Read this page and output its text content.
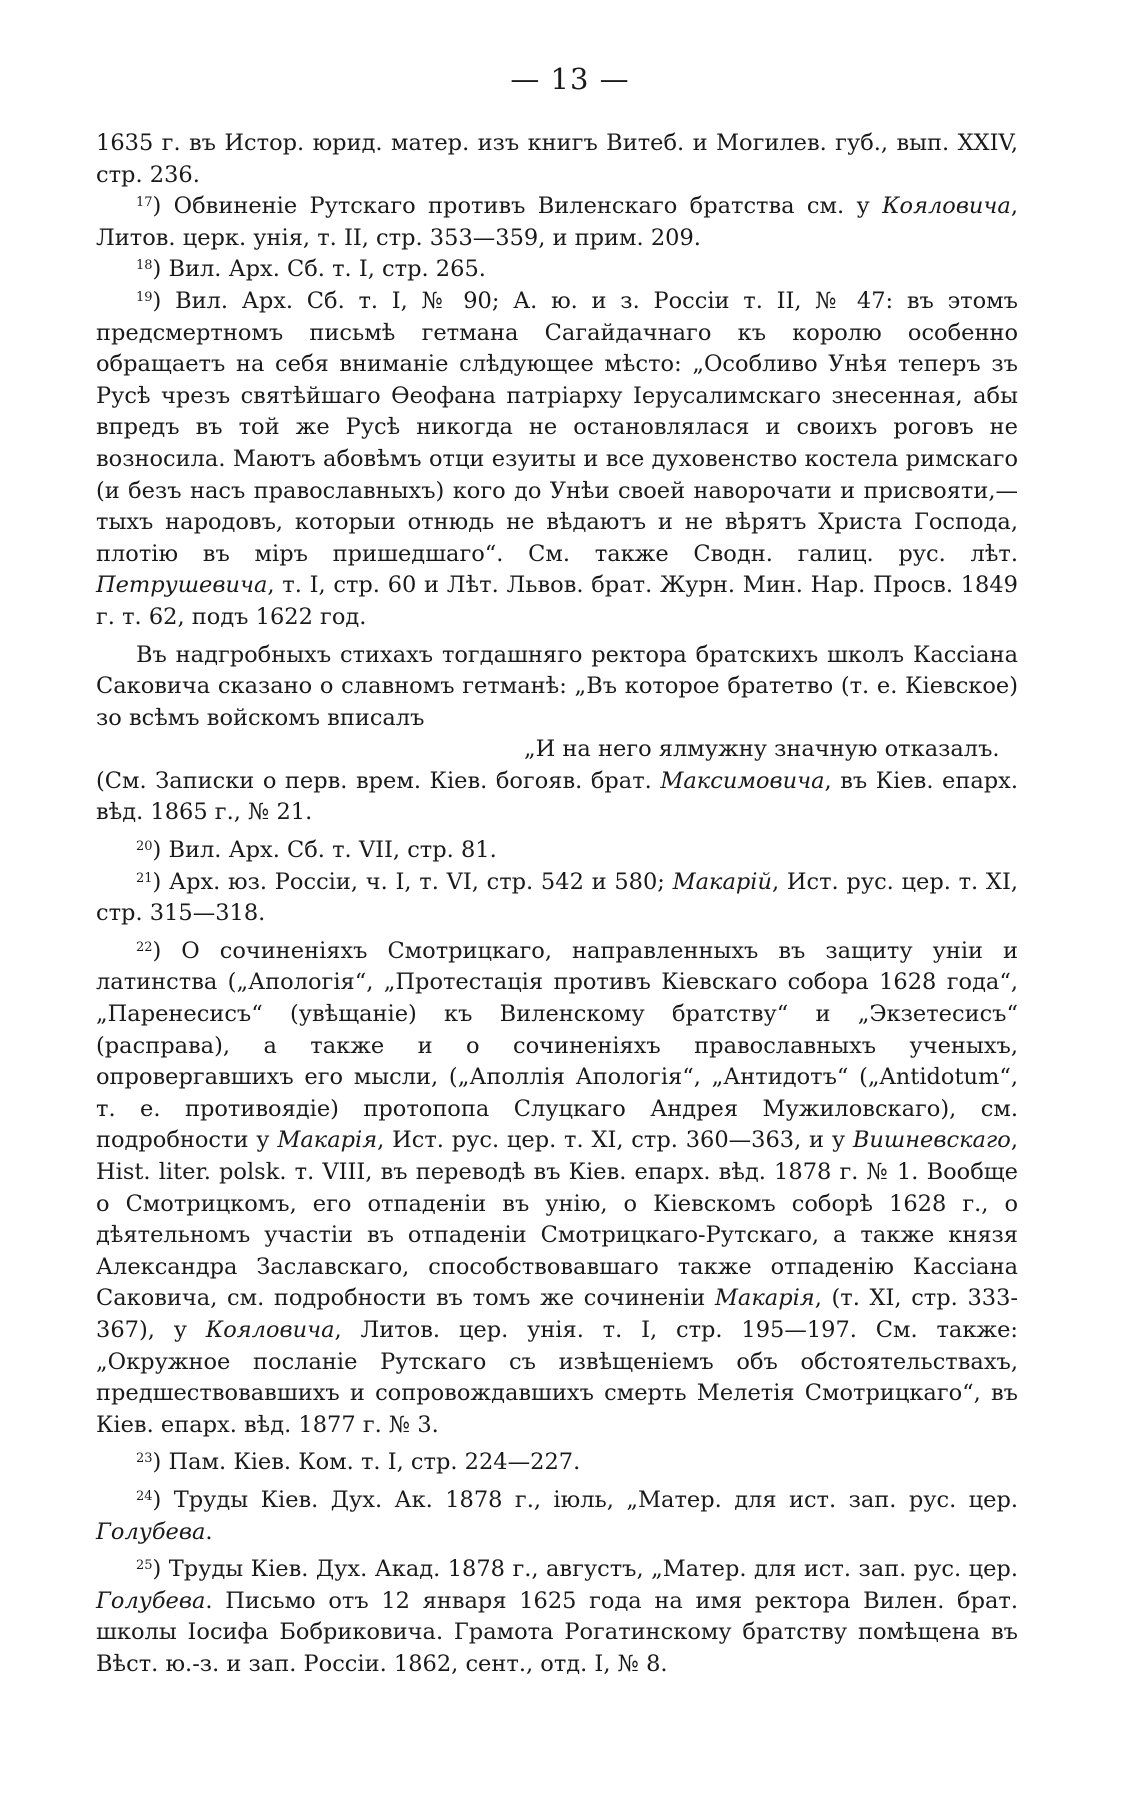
— 13 —

1635 г. въ Истор. юрид. матер. изъ книгъ Витеб. и Могилев. губ., вып. XXIV, стр. 236.

$^{17}$) Обвиненіе Рутскаго противъ Виленскаго братства см. у Кояловича, Литов. церк. унія, т. II, стр. 353—359, и прим. 209.

$^{18}$) Вил. Арх. Сб. т. I, стр. 265.

$^{19}$) Вил. Арх. Сб. т. I, № 90; А. ю. и з. Россіи т. II, № 47: въ этомъ предсмертномъ письмѣ гетмана Сагайдачнаго къ королю особенно обращаетъ на себя вниманіе слѣдующее мѣсто: „Особливо Унѣя теперъ зъ Русѣ чрезъ святѣйшаго Ѳеофана патріарху Іерусалимскаго знесенная, абы впредъ въ той же Русѣ никогда не остановлялася и своихъ роговъ не возносила. Маютъ абовѣмъ отци езуиты и все духовенство костела римскаго (и безъ насъ православныхъ) кого до Унѣи своей наворочати и присвояти,—тыхъ народовъ, которыи отнюдь не вѣдаютъ и не вѣрятъ Христа Господа, плотію въ міръ пришедшаго“. См. также Сводн. галиц. рус. лѣт. Петрушевича, т. I, стр. 60 и Лѣт. Львов. брат. Журн. Мин. Нар. Просв. 1849 г. т. 62, подъ 1622 год.

Въ надгробныхъ стихахъ тогдашняго ректора братскихъ школъ Кассіана Саковича сказано о славномъ гетманѣ: „Въ которое братетво (т. е. Кіевское) зо всѣмъ войскомъ вписалъ

„И на него ялмужну значную отказалъ.

(См. Записки о перв. врем. Кіев. богояв. брат. Максимовича, въ Кіев. епарх. вѣд. 1865 г., № 21.

$^{20}$) Вил. Арх. Сб. т. VII, стр. 81.

$^{21}$) Арх. юз. Россіи, ч. I, т. VI, стр. 542 и 580; Макарій, Ист. рус. цер. т. XI, стр. 315—318.

$^{22}$) О сочиненіяхъ Смотрицкаго, направленныхъ въ защиту уніи и латинства („Апологія“, „Протестація противъ Кіевскаго собора 1628 года“, „Паренесисъ“ (увѣщаніе) къ Виленскому братству“ и „Экзетесисъ“ (расправа), а также и о сочиненіяхъ православныхъ ученыхъ, опровергавшихъ его мысли, („Аполлія Апологія“, „Антидотъ“ („Antidotum“, т. е. противоядіе) протопопа Слуцкаго Андрея Мужиловскаго), см. подробности у Макарія, Ист. рус. цер. т. XI, стр. 360—363, и у Вишневскаго, Hist. liter. polsk. т. VIII, въ переводѣ въ Кіев. епарх. вѣд. 1878 г. № 1. Вообще о Смотрицкомъ, его отпаденіи въ унію, о Кіевскомъ соборѣ 1628 г., о дѣятельномъ участіи въ отпаденіи Смотрицкаго-Рутскаго, а также князя Александра Заславскаго, способствовавшаго также отпаденію Кассіана Саковича, см. подробности въ томъ же сочиненіи Макарія, (т. XI, стр. 333-367), у Кояловича, Литов. цер. унія. т. I, стр. 195—197. См. также: „Окружное посланіе Рутскаго съ извѣщеніемъ объ обстоятельствахъ, предшествовавшихъ и сопровождавшихъ смерть Мелетія Смотрицкаго“, въ Кіев. епарх. вѣд. 1877 г. № 3.

$^{23}$) Пам. Кіев. Ком. т. I, стр. 224—227.

$^{24}$) Труды Кіев. Дух. Ак. 1878 г., іюль, „Матер. для ист. зап. рус. цер. Голубева.

$^{25}$) Труды Кіев. Дух. Акад. 1878 г., августъ, „Матер. для ист. зап. рус. цер. Голубева. Письмо отъ 12 января 1625 года на имя ректора Вилен. брат. школы Іосифа Бобриковича. Грамота Рогатинскому братству помѣщена въ Вѣст. ю.-з. и зап. Россіи. 1862, сент., отд. I, № 8.
